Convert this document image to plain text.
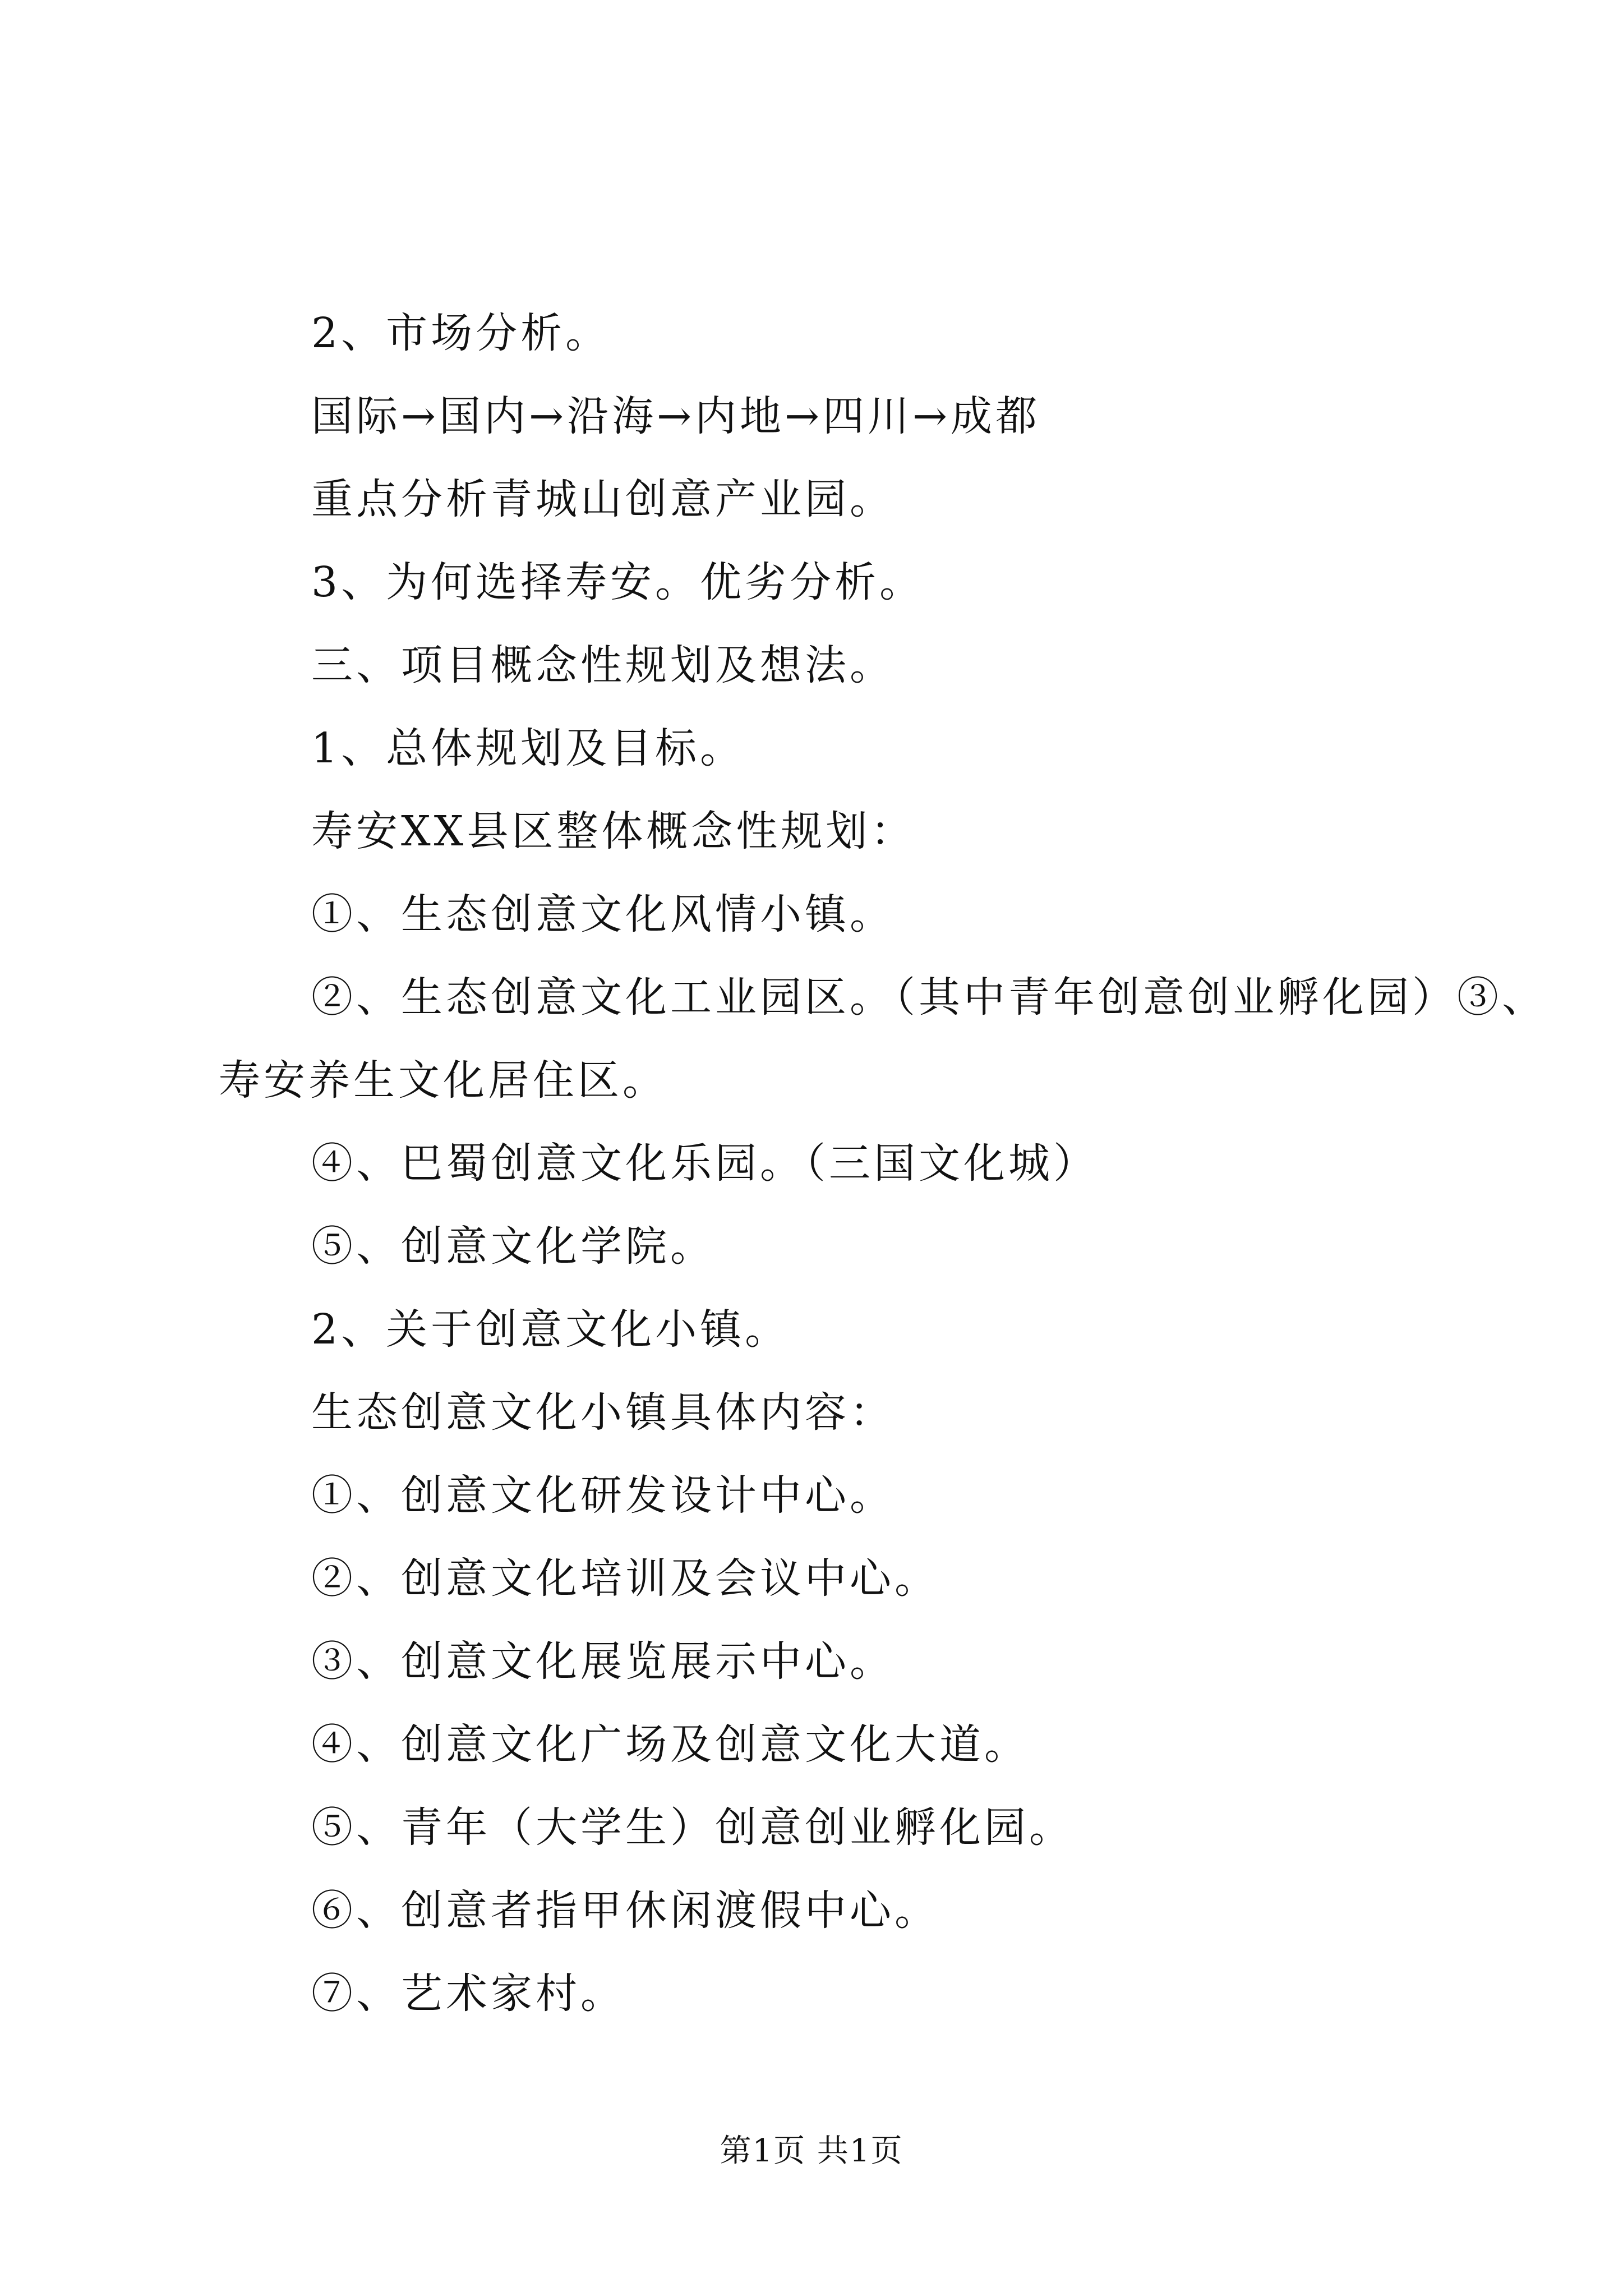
2、市场分析。
国际→国内→沿海→内地→四川→成都
重点分析青城山创意产业园。
3、为何选择寿安。优劣分析。
三、项目概念性规划及想法。
1、总体规划及目标。
寿安XX县区整体概念性规划：
①、生态创意文化风情小镇。
②、生态创意文化工业园区。（其中青年创意创业孵化园）③、
寿安养生文化居住区。
④、巴蜀创意文化乐园。（三国文化城）
⑤、创意文化学院。
2、关于创意文化小镇。
生态创意文化小镇具体内容：
①、创意文化研发设计中心。
②、创意文化培训及会议中心。
③、创意文化展览展示中心。
④、创意文化广场及创意文化大道。
⑤、青年（大学生）创意创业孵化园。
⑥、创意者指甲休闲渡假中心。
⑦、艺术家村。
第1页 共1页
